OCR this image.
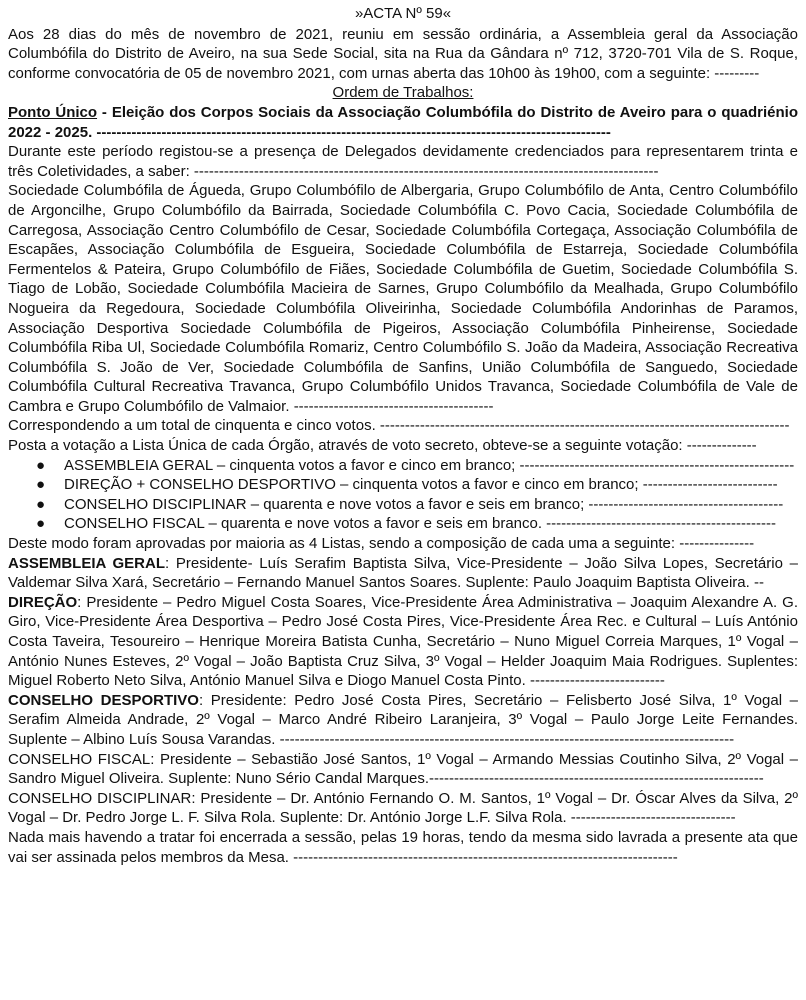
»ACTA Nº 59«

Aos 28 dias do mês de novembro de 2021, reuniu em sessão ordinária, a Assembleia geral da Associação Columbófila do Distrito de Aveiro, na sua Sede Social, sita na Rua da Gândara nº 712, 3720-701 Vila de S. Roque, conforme convocatória de 05 de novembro 2021, com urnas aberta das 10h00 às 19h00, com a seguinte: ---------

Ordem de Trabalhos:

Ponto Único - Eleição dos Corpos Sociais da Associação Columbófila do Distrito de Aveiro para o quadriénio 2022 - 2025. -------------------------------------------------------------------------------------------------------

Durante este período registou-se a presença de Delegados devidamente credenciados para representarem trinta e três Coletividades, a saber: ---------------------------------------------------------------------------------------------

Sociedade Columbófila de Águeda, Grupo Columbófilo de Albergaria, Grupo Columbófilo de Anta, Centro Columbófilo de Argoncilhe, Grupo Columbófilo da Bairrada, Sociedade Columbófila C. Povo Cacia, Sociedade Columbófila de Carregosa, Associação Centro Columbófilo de Cesar, Sociedade Columbófila Cortegaça, Associação Columbófila de Escapães, Associação Columbófila de Esgueira, Sociedade Columbófila de Estarreja, Sociedade Columbófila Fermentelos & Pateira, Grupo Columbófilo de Fiães, Sociedade Columbófila de Guetim, Sociedade Columbófila S. Tiago de Lobão, Sociedade Columbófila Macieira de Sarnes, Grupo Columbófilo da Mealhada, Grupo Columbófilo Nogueira da Regedoura, Sociedade Columbófila Oliveirinha, Sociedade Columbófila Andorinhas de Paramos, Associação Desportiva Sociedade Columbófila de Pigeiros, Associação Columbófila Pinheirense, Sociedade Columbófila Riba Ul, Sociedade Columbófila Romariz, Centro Columbófilo S. João da Madeira, Associação Recreativa Columbófila S. João de Ver, Sociedade Columbófila de Sanfins, União Columbófila de Sanguedo, Sociedade Columbófila Cultural Recreativa Travanca, Grupo Columbófilo Unidos Travanca, Sociedade Columbófila de Vale de Cambra e Grupo Columbófilo de Valmaior. ----------------------------------------

Correspondendo a um total de cinquenta e cinco votos. ----------------------------------------------------------------------------------

Posta a votação a Lista Única de cada Órgão, através de voto secreto, obteve-se a seguinte votação: --------------

● ASSEMBLEIA GERAL – cinquenta votos a favor e cinco em branco; -------------------------------------------------------
● DIREÇÃO + CONSELHO DESPORTIVO – cinquenta votos a favor e cinco em branco; ---------------------------
● CONSELHO DISCIPLINAR – quarenta e nove votos a favor e seis em branco; ---------------------------------------
● CONSELHO FISCAL – quarenta e nove votos a favor e seis em branco. ----------------------------------------------

Deste modo foram aprovadas por maioria as 4 Listas, sendo a composição de cada uma a seguinte: ---------------

ASSEMBLEIA GERAL: Presidente- Luís Serafim Baptista Silva, Vice-Presidente – João Silva Lopes, Secretário – Valdemar Silva Xará, Secretário – Fernando Manuel Santos Soares. Suplente: Paulo Joaquim Baptista Oliveira. --

DIREÇÃO: Presidente – Pedro Miguel Costa Soares, Vice-Presidente Área Administrativa – Joaquim Alexandre A. G. Giro, Vice-Presidente Área Desportiva – Pedro José Costa Pires, Vice-Presidente Área Rec. e Cultural – Luís António Costa Taveira, Tesoureiro – Henrique Moreira Batista Cunha, Secretário – Nuno Miguel Correia Marques, 1º Vogal – António Nunes Esteves, 2º Vogal – João Baptista Cruz Silva, 3º Vogal – Helder Joaquim Maia Rodrigues. Suplentes: Miguel Roberto Neto Silva, António Manuel Silva e Diogo Manuel Costa Pinto. ---------------------------

CONSELHO DESPORTIVO: Presidente: Pedro José Costa Pires, Secretário – Felisberto José Silva, 1º Vogal – Serafim Almeida Andrade, 2º Vogal – Marco André Ribeiro Laranjeira, 3º Vogal – Paulo Jorge Leite Fernandes. Suplente – Albino Luís Sousa Varandas. -------------------------------------------------------------------------------------------

CONSELHO FISCAL: Presidente – Sebastião José Santos, 1º Vogal – Armando Messias Coutinho Silva, 2º Vogal – Sandro Miguel Oliveira. Suplente: Nuno Sério Candal Marques.-------------------------------------------------------------------

CONSELHO DISCIPLINAR: Presidente – Dr. António Fernando O. M. Santos, 1º Vogal – Dr. Óscar Alves da Silva, 2º Vogal – Dr. Pedro Jorge L. F. Silva Rola. Suplente: Dr. António Jorge L.F. Silva Rola. ---------------------------------

Nada mais havendo a tratar foi encerrada a sessão, pelas 19 horas, tendo da mesma sido lavrada a presente ata que vai ser assinada pelos membros da Mesa. -----------------------------------------------------------------------------
